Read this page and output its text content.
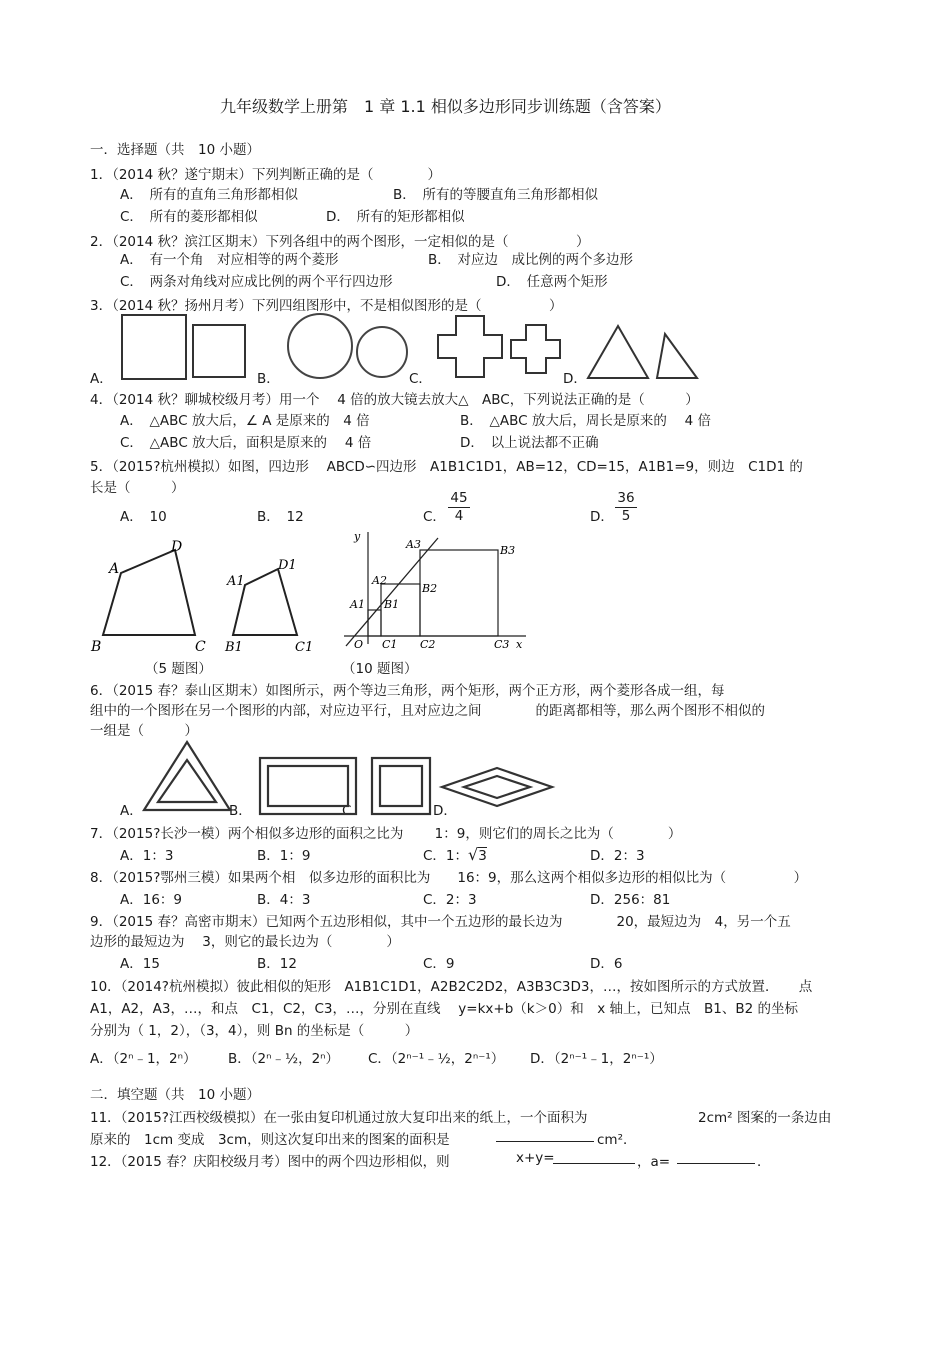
九年级数学上册第　1 章 1.1 相似多边形同步训练题（含答案）
一．选择题（共　10 小题）
1．（2014 秋？遂宁期末）下列判断正确的是（　　　　）
A．　所有的直角三角形都相似	B．　所有的等腰直角三角形都相似
C．　所有的菱形都相似	D．　所有的矩形都相似
2．（2014 秋？滨江区期末）下列各组中的两个图形，一定相似的是（　　　　　）
A．　有一个角　对应相等的两个菱形	B．　对应边　成比例的两个多边形
C．　两条对角线对应成比例的两个平行四边形	D．　任意两个矩形
3．（2014 秋？扬州月考）下列四组图形中，不是相似图形的是（　　　　　）
A．	B．	C．	D．
4．（2014 秋？聊城校级月考）用一个　 4 倍的放大镜去放大△　ABC，下列说法正确的是（　　　）
A．　△ABC 放大后，∠ A 是原来的　4 倍	B．　△ABC 放大后，周长是原来的　 4 倍
C．　△ABC 放大后，面积是原来的　 4 倍	D．　以上说法都不正确
5．（2015?杭州模拟）如图，四边形　 ABCD∽四边形　A1B1C1D1，AB=12，CD=15，A1B1=9，则边　C1D1 的
长是（　　　）
A．　10	B．　12	C． $\frac{45}{4}$	D． $\frac{36}{5}$
A
B	C
D
A1
B1	C1
D1
（5 题图）
y
x
O
A1
A2
A3
B1
B2
B3
C1 C2	C3
（10 题图）
6．（2015 春？泰山区期末）如图所示，两个等边三角形，两个矩形，两个正方形，两个菱形各成一组，每
组中的一个图形在另一个图形的内部，对应边平行，且对应边之间　　　　的距离都相等，那么两个图形不相似的
一组是（　　　）
A．	B．	C．	D．
7．（2015?长沙一模）两个相似多边形的面积之比为　　 1：9，则它们的周长之比为（　　　　）
A．1：3	B．1：9	C．1：√3	D．2：3
8．（2015?鄂州三模）如果两个相　似多边形的面积比为　　16：9，那么这两个相似多边形的相似比为（　　　　　）
A．16：9	B．4：3	C．2：3	D．256：81
9．（2015 春？高密市期末）已知两个五边形相似，其中一个五边形的最长边为　　　　20，最短边为　4，另一个五
边形的最短边为　 3，则它的最长边为（　　　　）
A．15	B．12	C．9	D．6
10．（2014?杭州模拟）彼此相似的矩形　A1B1C1D1，A2B2C2D2，A3B3C3D3，…，按如图所示的方式放置．　　点
A1，A2，A3，…，和点　C1，C2，C3，…，分别在直线　 y=kx+b（k＞0）和　x 轴上，已知点　B1、B2 的坐标
分别为（ 1，2），（3，4），则 Bn 的坐标是（　　　）
A．（2ⁿ﹣1，2ⁿ） B．（2ⁿ﹣½，2ⁿ） C．（2ⁿ⁻¹﹣½，2ⁿ⁻¹） D．（2ⁿ⁻¹﹣1，2ⁿ⁻¹）
二．填空题（共　10 小题）
11．（2015?江西校级模拟）在一张由复印机通过放大复印出来的纸上，一个面积为	2cm² 图案的一条边由
原来的　1cm 变成　3cm，则这次复印出来的图案的面积是	cm²．
12．（2015 春？庆阳校级月考）图中的两个四边形相似，则	x+y=	，a=	．
